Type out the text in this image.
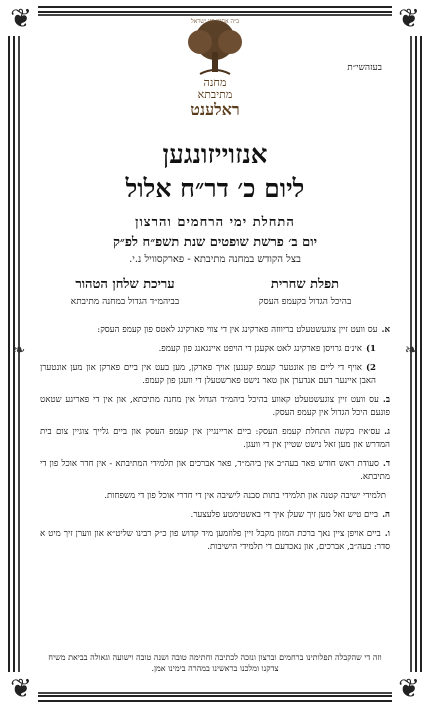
❦	❦
❦	❦
❧	❧
ב״ה אחינו בני ישראל
מחנה
מתיבתא
ראלענט
בעזהשי״ת
אנזוייזונגען
ליום כ׳ דר״ח אלול
התחלת ימי הרחמים והרצון
יום ב׳ פרשת שופטים שנת תשפ״ח לפ״ק
בצל הקודש במחנה מתיבתא - פארקסוויל נ.י.
תפלת שחרית
בהיכל הגדול בקעמפ העסק
עריכת שלחן הטהור
בביהמ״ד הגדול במחנה מתיבתא
א.עס וועט זיין צוגעשטעלט בריווזה פארקינג אין די צווי פארקינג לאטס פון קעמפ העסק:
1)אינ׳ם גרויסן פארקינג לאט אקעגן די הויפט איינגאנג פון קעמפ.
2)אויף די ליים פון אונטער קעמפ קענען אויך פארקן, מען בעט אין ביים פארקן און מען אונטערן האבן איינער דעם אנדערן און טאר נישט פארשטעלן די וועגן פון קעמפ.
ב.עס וועט זיין צוגעשטעלט קאווע בהיכל ביהמ״ד הגדול אין מחנה מתיבתא, און אין די פאריגע שטאט פונעם היכל הגדול אין קעמפ העסק.
ג.עס׳איז בקשה התחלת קעמפ העסק: ביים אריינגיין אין קעמפ העסק און ביים גלייך צוגיין צום בית המדרש און מען זאל נישט שטיין אין די וועגן.
ד.סעודת ראש חודש פאר בעה״ב אין ביהמ״ד, פאר אברכים און תלמידי המתיבתא - אין חדר אוכל פון די מתיבתא.
תלמידי ישיבה קטנה און תלמידי בתות סבנה לישיבה אין די חדרי אוכל פון די משפחות.
ה.ביים טיש זאל מען זיך שעלן איך די באשטימטע פלעצער.
ו.ביים אויפן ציין נאך ברכת המזון מקבל זיין פלוזמען מיד קדוש פון כ״ק רבינו שליט״א און ווערן זיך מיט א סדר: בעה״ב, אברכים, און נאכדעם די תלמידי הישיבות.
וזה די שהקבלה תפלותינו ברחמים וברצון ונזכה לכתיבה וחתימה טובה ושנה טובה וישועה וגאולה בביאת משיח צדקנו ומלכנו בראשינו במהרה בימינו אמן.
